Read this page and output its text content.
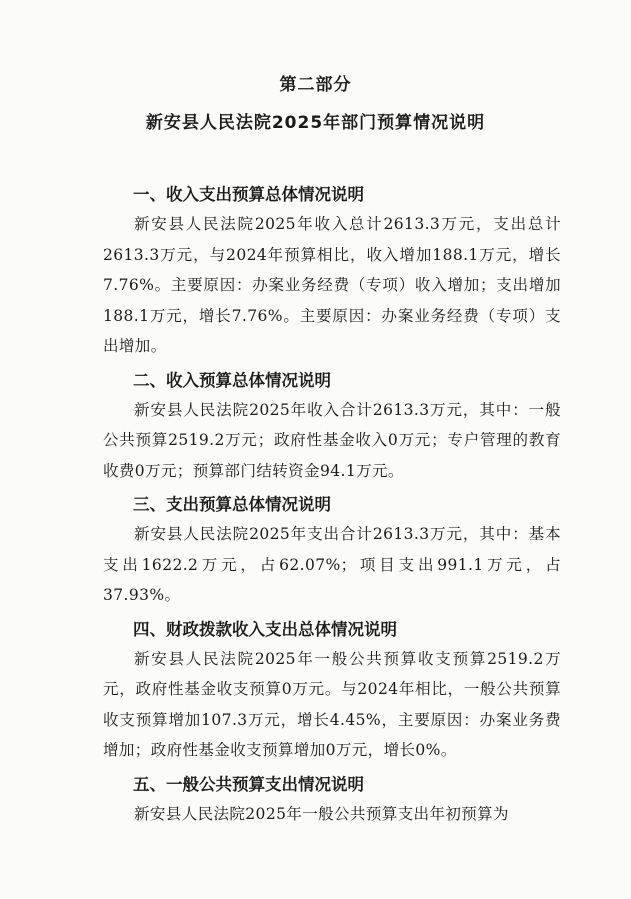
第二部分
新安县人民法院2025年部门预算情况说明
一、收入支出预算总体情况说明
新安县人民法院2025年收入总计2613.3万元，支出总计2613.3万元，与2024年预算相比，收入增加188.1万元，增长7.76%。主要原因：办案业务经费（专项）收入增加；支出增加188.1万元，增长7.76%。主要原因：办案业务经费（专项）支出增加。
二、收入预算总体情况说明
新安县人民法院2025年收入合计2613.3万元，其中：一般公共预算2519.2万元；政府性基金收入0万元；专户管理的教育收费0万元；预算部门结转资金94.1万元。
三、支出预算总体情况说明
新安县人民法院2025年支出合计2613.3万元，其中：基本支出1622.2万元，占62.07%；项目支出991.1万元，占37.93%。
四、财政拨款收入支出总体情况说明
新安县人民法院2025年一般公共预算收支预算2519.2万元，政府性基金收支预算0万元。与2024年相比，一般公共预算收支预算增加107.3万元，增长4.45%，主要原因：办案业务费增加；政府性基金收支预算增加0万元，增长0%。
五、一般公共预算支出情况说明
新安县人民法院2025年一般公共预算支出年初预算为
